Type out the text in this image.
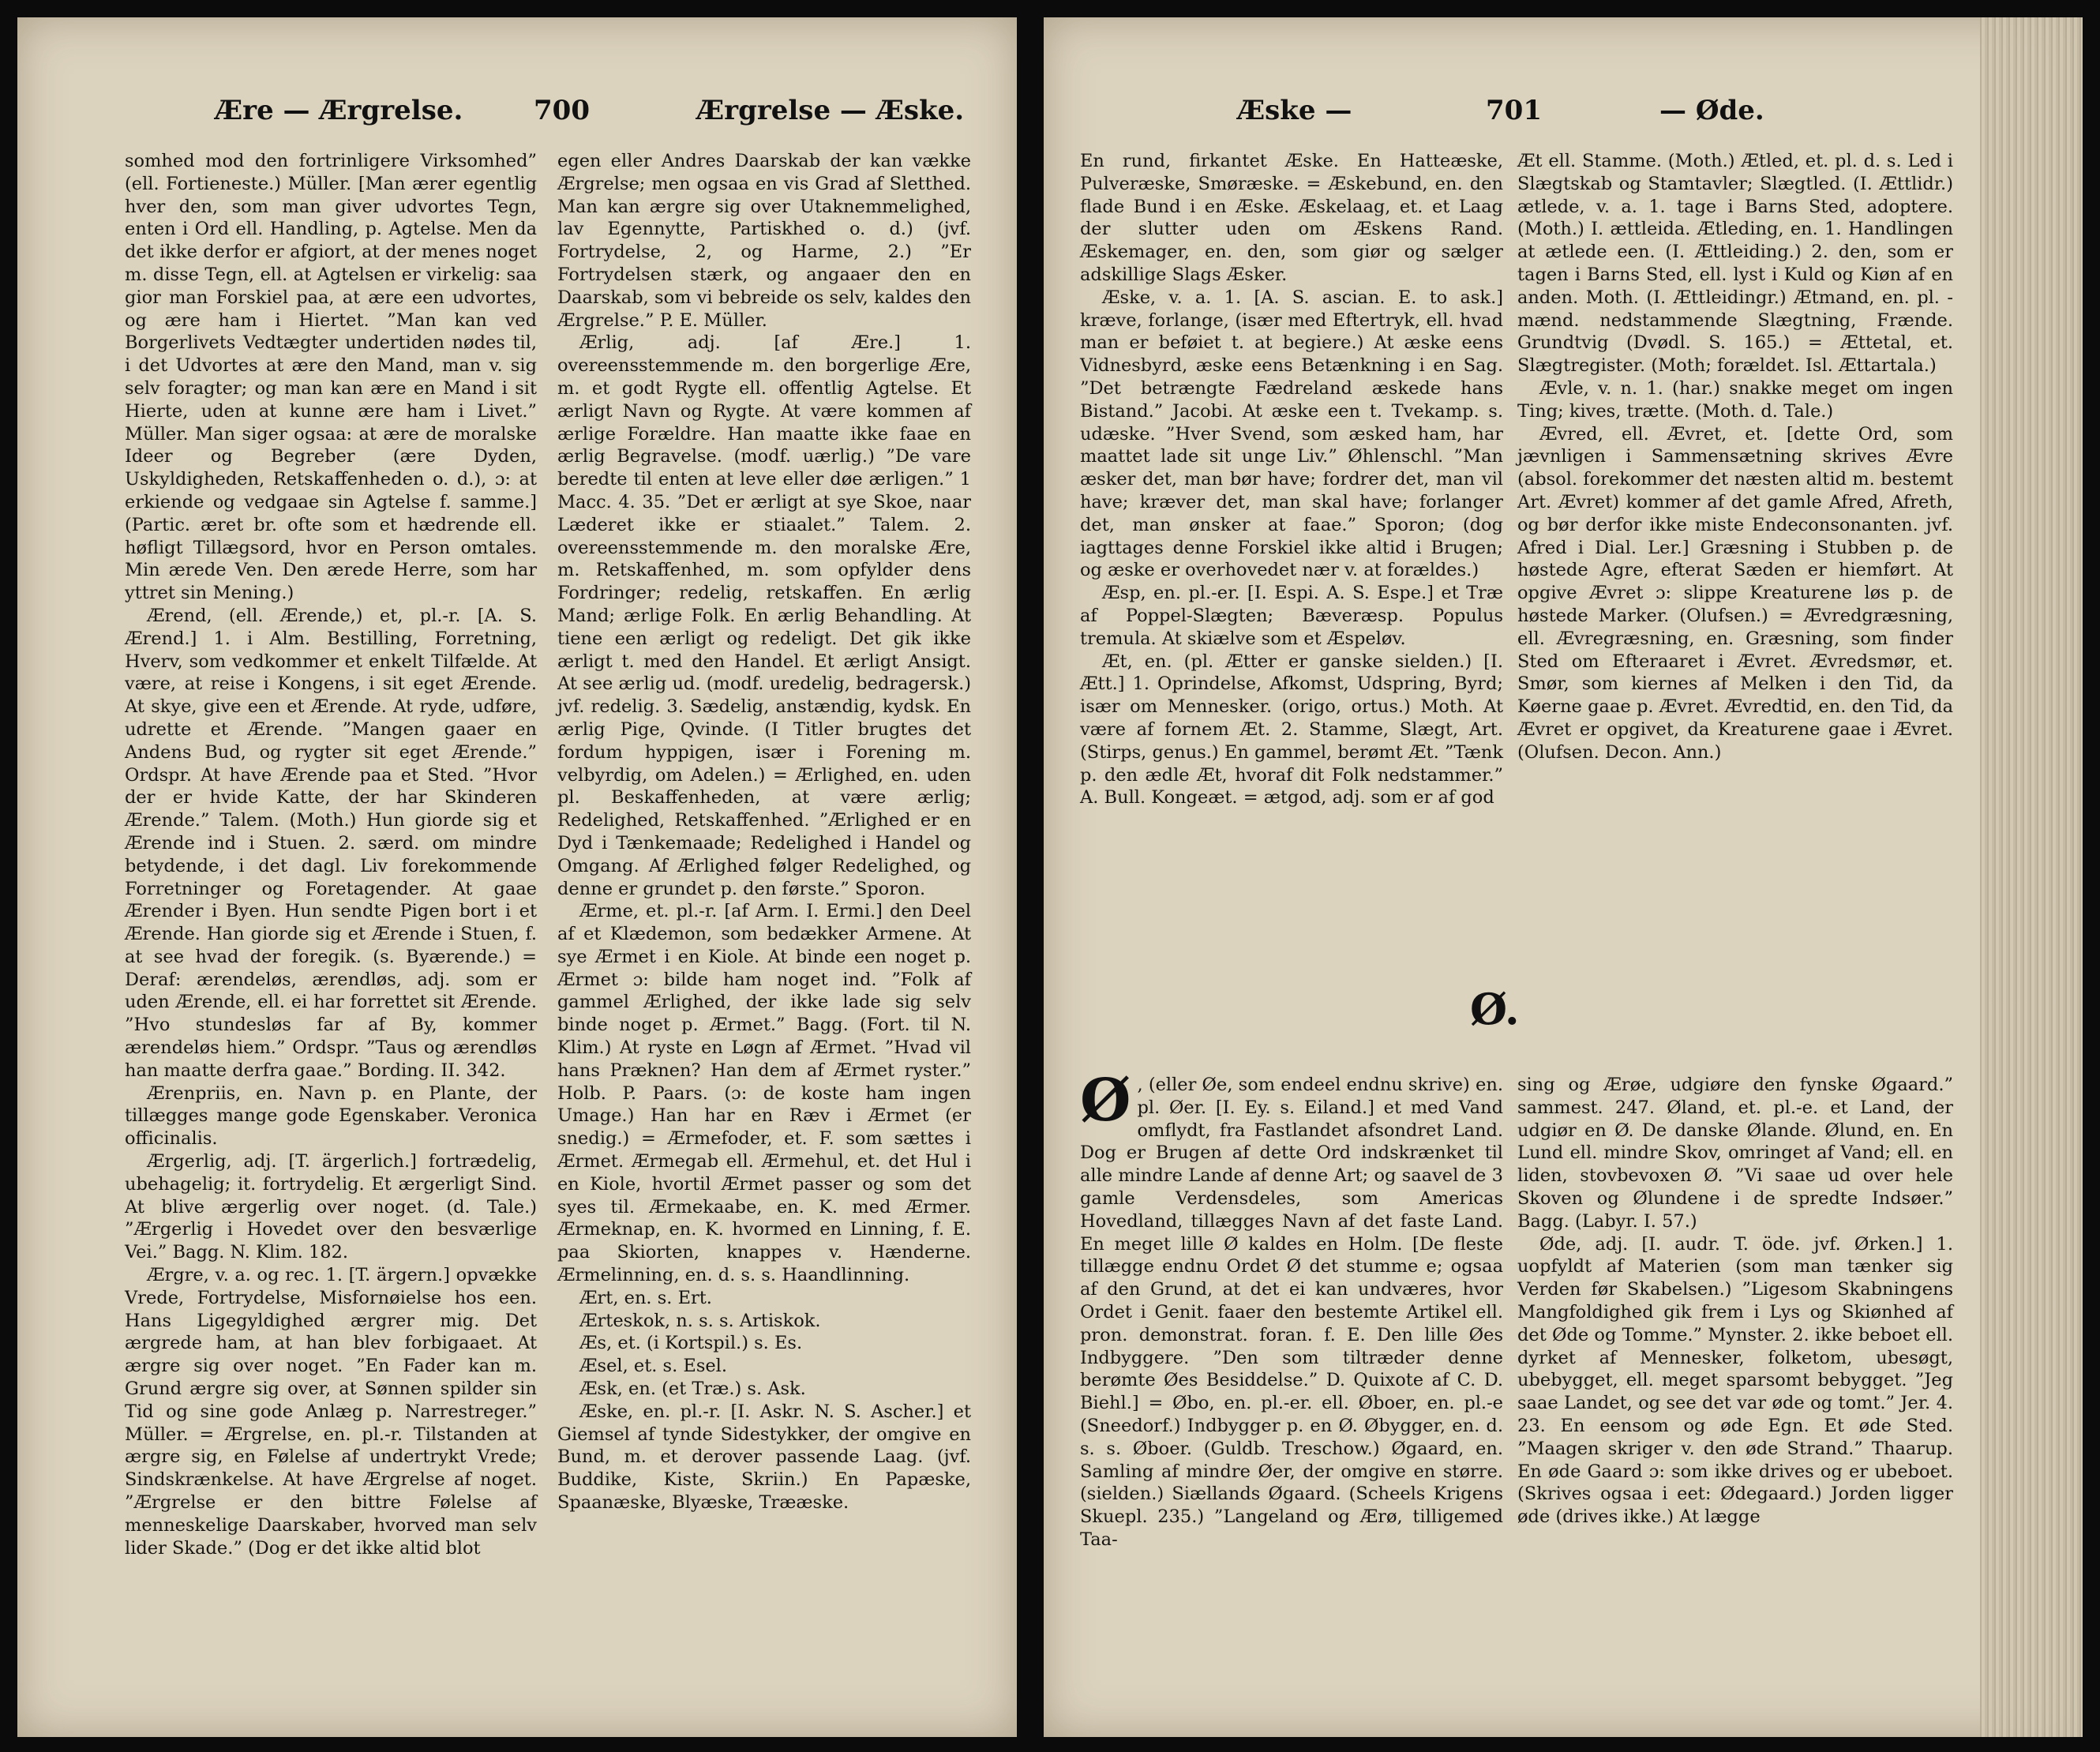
Ære — Ærgrelse.	700	Ærgrelse — Æske.

somhed mod den fortrinligere Virksomhed” (ell. Fortieneste.) Müller. [Man ærer egentlig hver den, som man giver udvortes Tegn, enten i Ord ell. Handling, p. Agtelse. Men da det ikke derfor er afgiort, at der menes noget m. disse Tegn, ell. at Agtelsen er virkelig: saa gior man Forskiel paa, at ære een udvortes, og ære ham i Hiertet. ”Man kan ved Borgerlivets Vedtægter undertiden nødes til, i det Udvortes at ære den Mand, man v. sig selv foragter; og man kan ære en Mand i sit Hierte, uden at kunne ære ham i Livet.” Müller. Man siger ogsaa: at ære de moralske Ideer og Begreber (ære Dyden, Uskyldigheden, Retskaffenheden o. d.), ɔ: at erkiende og vedgaae sin Agtelse f. samme.] (Partic. æret br. ofte som et hædrende ell. høfligt Tillægsord, hvor en Person omtales. Min ærede Ven. Den ærede Herre, som har yttret sin Mening.)

Ærend, (ell. Ærende,) et, pl.-r. [A. S. Ærend.] 1. i Alm. Bestilling, Forretning, Hverv, som vedkommer et enkelt Tilfælde. At være, at reise i Kongens, i sit eget Ærende. At skye, give een et Ærende. At ryde, udføre, udrette et Ærende. ”Mangen gaaer en Andens Bud, og rygter sit eget Ærende.” Ordspr. At have Ærende paa et Sted. ”Hvor der er hvide Katte, der har Skinderen Ærende.” Talem. (Moth.) Hun giorde sig et Ærende ind i Stuen. 2. særd. om mindre betydende, i det dagl. Liv forekommende Forretninger og Foretagender. At gaae Ærender i Byen. Hun sendte Pigen bort i et Ærende. Han giorde sig et Ærende i Stuen, f. at see hvad der foregik. (s. Byærende.) = Deraf: ærendeløs, ærendløs, adj. som er uden Ærende, ell. ei har forrettet sit Ærende. ”Hvo stundesløs far af By, kommer ærendeløs hiem.” Ordspr. ”Taus og ærendløs han maatte derfra gaae.” Bording. II. 342.

Ærenpriis, en. Navn p. en Plante, der tillægges mange gode Egenskaber. Veronica officinalis.

Ærgerlig, adj. [T. ärgerlich.] fortrædelig, ubehagelig; it. fortrydelig. Et ærgerligt Sind. At blive ærgerlig over noget. (d. Tale.) ”Ærgerlig i Hovedet over den besværlige Vei.” Bagg. N. Klim. 182.

Ærgre, v. a. og rec. 1. [T. ärgern.] opvække Vrede, Fortrydelse, Misfornøielse hos een. Hans Ligegyldighed ærgrer mig. Det ærgrede ham, at han blev forbigaaet. At ærgre sig over noget. ”En Fader kan m. Grund ærgre sig over, at Sønnen spilder sin Tid og sine gode Anlæg p. Narrestreger.” Müller. = Ærgrelse, en. pl.-r. Tilstanden at ærgre sig, en Følelse af undertrykt Vrede; Sindskrænkelse. At have Ærgrelse af noget. ”Ærgrelse er den bittre Følelse af menneskelige Daarskaber, hvorved man selv lider Skade.” (Dog er det ikke altid blot

egen eller Andres Daarskab der kan vække Ærgrelse; men ogsaa en vis Grad af Sletthed. Man kan ærgre sig over Utaknemmelighed, lav Egennytte, Partiskhed o. d.) (jvf. Fortrydelse, 2, og Harme, 2.) ”Er Fortrydelsen stærk, og angaaer den en Daarskab, som vi bebreide os selv, kaldes den Ærgrelse.” P. E. Müller.

Ærlig, adj. [af Ære.] 1. overeensstemmende m. den borgerlige Ære, m. et godt Rygte ell. offentlig Agtelse. Et ærligt Navn og Rygte. At være kommen af ærlige Forældre. Han maatte ikke faae en ærlig Begravelse. (modf. uærlig.) ”De vare beredte til enten at leve eller døe ærligen.” 1 Macc. 4. 35. ”Det er ærligt at sye Skoe, naar Læderet ikke er stiaalet.” Talem. 2. overeensstemmende m. den moralske Ære, m. Retskaffenhed, m. som opfylder dens Fordringer; redelig, retskaffen. En ærlig Mand; ærlige Folk. En ærlig Behandling. At tiene een ærligt og redeligt. Det gik ikke ærligt t. med den Handel. Et ærligt Ansigt. At see ærlig ud. (modf. uredelig, bedragersk.) jvf. redelig. 3. Sædelig, anstændig, kydsk. En ærlig Pige, Qvinde. (I Titler brugtes det fordum hyppigen, især i Forening m. velbyrdig, om Adelen.) = Ærlighed, en. uden pl. Beskaffenheden, at være ærlig; Redelighed, Retskaffenhed. ”Ærlighed er en Dyd i Tænkemaade; Redelighed i Handel og Omgang. Af Ærlighed følger Redelighed, og denne er grundet p. den første.” Sporon.

Ærme, et. pl.-r. [af Arm. I. Ermi.] den Deel af et Klædemon, som bedækker Armene. At sye Ærmet i en Kiole. At binde een noget p. Ærmet ɔ: bilde ham noget ind. ”Folk af gammel Ærlighed, der ikke lade sig selv binde noget p. Ærmet.” Bagg. (Fort. til N. Klim.) At ryste en Løgn af Ærmet. ”Hvad vil hans Præknen? Han dem af Ærmet ryster.” Holb. P. Paars. (ɔ: de koste ham ingen Umage.) Han har en Ræv i Ærmet (er snedig.) = Ærmefoder, et. F. som sættes i Ærmet. Ærmegab ell. Ærmehul, et. det Hul i en Kiole, hvortil Ærmet passer og som det syes til. Ærmekaabe, en. K. med Ærmer. Ærmeknap, en. K. hvormed en Linning, f. E. paa Skiorten, knappes v. Hænderne. Ærmelinning, en. d. s. s. Haandlinning.

Ært, en. s. Ert.

Ærteskok, n. s. s. Artiskok.

Æs, et. (i Kortspil.) s. Es.

Æsel, et. s. Esel.

Æsk, en. (et Træ.) s. Ask.

Æske, en. pl.-r. [I. Askr. N. S. Ascher.] et Giemsel af tynde Sidestykker, der omgive en Bund, m. et derover passende Laag. (jvf. Buddike, Kiste, Skriin.) En Papæske, Spaanæske, Blyæske, Trææske.

Æske —	701	— Øde.

En rund, firkantet Æske. En Hatteæske, Pulveræske, Smøræske. = Æskebund, en. den flade Bund i en Æske. Æskelaag, et. et Laag der slutter uden om Æskens Rand. Æskemager, en. den, som giør og sælger adskillige Slags Æsker.

Æske, v. a. 1. [A. S. ascian. E. to ask.] kræve, forlange, (især med Eftertryk, ell. hvad man er beføiet t. at begiere.) At æske eens Vidnesbyrd, æske eens Betænkning i en Sag. ”Det betrængte Fædreland æskede hans Bistand.” Jacobi. At æske een t. Tvekamp. s. udæske. ”Hver Svend, som æsked ham, har maattet lade sit unge Liv.” Øhlenschl. ”Man æsker det, man bør have; fordrer det, man vil have; kræver det, man skal have; forlanger det, man ønsker at faae.” Sporon; (dog iagttages denne Forskiel ikke altid i Brugen; og æske er overhovedet nær v. at forældes.)

Æsp, en. pl.-er. [I. Espi. A. S. Espe.] et Træ af Poppel-Slægten; Bæveræsp. Populus tremula. At skiælve som et Æspeløv.

Æt, en. (pl. Ætter er ganske sielden.) [I. Ætt.] 1. Oprindelse, Afkomst, Udspring, Byrd; især om Mennesker. (origo, ortus.) Moth. At være af fornem Æt. 2. Stamme, Slægt, Art. (Stirps, genus.) En gammel, berømt Æt. ”Tænk p. den ædle Æt, hvoraf dit Folk nedstammer.” A. Bull. Kongeæt. = ætgod, adj. som er af god

Æt ell. Stamme. (Moth.) Ætled, et. pl. d. s. Led i Slægtskab og Stamtavler; Slægtled. (I. Ættlidr.) ætlede, v. a. 1. tage i Barns Sted, adoptere. (Moth.) I. ættleida. Ætleding, en. 1. Handlingen at ætlede een. (I. Ættleiding.) 2. den, som er tagen i Barns Sted, ell. lyst i Kuld og Kiøn af en anden. Moth. (I. Ættleidingr.) Ætmand, en. pl. -mænd. nedstammende Slægtning, Frænde. Grundtvig (Dvødl. S. 165.) = Ættetal, et. Slægtregister. (Moth; forældet. Isl. Ættartala.)

Ævle, v. n. 1. (har.) snakke meget om ingen Ting; kives, trætte. (Moth. d. Tale.)

Ævred, ell. Ævret, et. [dette Ord, som jævnligen i Sammensætning skrives Ævre (absol. forekommer det næsten altid m. bestemt Art. Ævret) kommer af det gamle Afred, Afreth, og bør derfor ikke miste Endeconsonanten. jvf. Afred i Dial. Ler.] Græsning i Stubben p. de høstede Agre, efterat Sæden er hiemført. At opgive Ævret ɔ: slippe Kreaturene løs p. de høstede Marker. (Olufsen.) = Ævredgræsning, ell. Ævregræsning, en. Græsning, som finder Sted om Efteraaret i Ævret. Ævredsmør, et. Smør, som kiernes af Melken i den Tid, da Køerne gaae p. Ævret. Ævredtid, en. den Tid, da Ævret er opgivet, da Kreaturene gaae i Ævret. (Olufsen. Decon. Ann.)

Ø.

Ø , (eller Øe, som endeel endnu skrive) en. pl. Øer. [I. Ey. s. Eiland.] et med Vand omflydt, fra Fastlandet afsondret Land. Dog er Brugen af dette Ord indskrænket til alle mindre Lande af denne Art; og saavel de 3 gamle Verdensdeles, som Americas Hovedland, tillægges Navn af det faste Land. En meget lille Ø kaldes en Holm. [De fleste tillægge endnu Ordet Ø det stumme e; ogsaa af den Grund, at det ei kan undværes, hvor Ordet i Genit. faaer den bestemte Artikel ell. pron. demonstrat. foran. f. E. Den lille Øes Indbyggere. ”Den som tiltræder denne berømte Øes Besiddelse.” D. Quixote af C. D. Biehl.] = Øbo, en. pl.-er. ell. Øboer, en. pl.-e (Sneedorf.) Indbygger p. en Ø. Øbygger, en. d. s. s. Øboer. (Guldb. Treschow.) Øgaard, en. Samling af mindre Øer, der omgive en større. (sielden.) Siællands Øgaard. (Scheels Krigens Skuepl. 235.) ”Langeland og Ærø, tilligemed Taa-

sing og Ærøe, udgiøre den fynske Øgaard.” sammest. 247. Øland, et. pl.-e. et Land, der udgiør en Ø. De danske Ølande. Ølund, en. En Lund ell. mindre Skov, omringet af Vand; ell. en liden, stovbevoxen Ø. ”Vi saae ud over hele Skoven og Ølundene i de spredte Indsøer.” Bagg. (Labyr. I. 57.)

Øde, adj. [I. audr. T. öde. jvf. Ørken.] 1. uopfyldt af Materien (som man tænker sig Verden før Skabelsen.) ”Ligesom Skabningens Mangfoldighed gik frem i Lys og Skiønhed af det Øde og Tomme.” Mynster. 2. ikke beboet ell. dyrket af Mennesker, folketom, ubesøgt, ubebygget, ell. meget sparsomt bebygget. ”Jeg saae Landet, og see det var øde og tomt.” Jer. 4. 23. En eensom og øde Egn. Et øde Sted. ”Maagen skriger v. den øde Strand.” Thaarup. En øde Gaard ɔ: som ikke drives og er ubeboet. (Skrives ogsaa i eet: Ødegaard.) Jorden ligger øde (drives ikke.) At lægge
